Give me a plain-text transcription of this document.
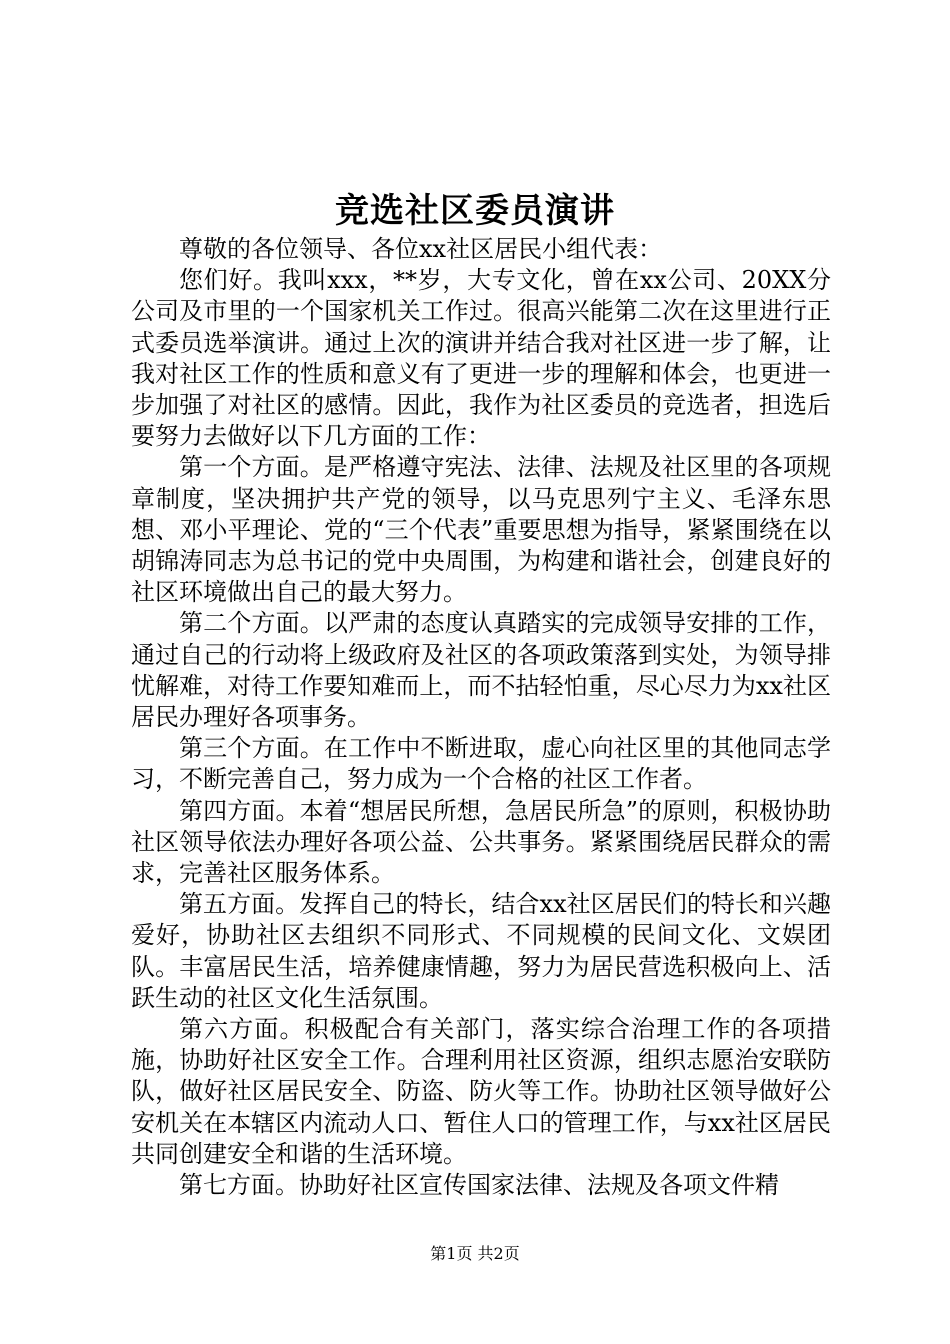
竞选社区委员演讲

尊敬的各位领导、各位xx社区居民小组代表：

您们好。我叫xxx，**岁，大专文化，曾在xx公司、20XX分公司及市里的一个国家机关工作过。很高兴能第二次在这里进行正式委员选举演讲。通过上次的演讲并结合我对社区进一步了解，让我对社区工作的性质和意义有了更进一步的理解和体会，也更进一步加强了对社区的感情。因此，我作为社区委员的竞选者，担选后要努力去做好以下几方面的工作：

第一个方面。是严格遵守宪法、法律、法规及社区里的各项规章制度，坚决拥护共产党的领导，以马克思列宁主义、毛泽东思想、邓小平理论、党的“三个代表”重要思想为指导，紧紧围绕在以胡锦涛同志为总书记的党中央周围，为构建和谐社会，创建良好的社区环境做出自己的最大努力。

第二个方面。以严肃的态度认真踏实的完成领导安排的工作，通过自己的行动将上级政府及社区的各项政策落到实处，为领导排忧解难，对待工作要知难而上，而不拈轻怕重，尽心尽力为xx社区居民办理好各项事务。

第三个方面。在工作中不断进取，虚心向社区里的其他同志学习，不断完善自己，努力成为一个合格的社区工作者。

第四方面。本着“想居民所想，急居民所急”的原则，积极协助社区领导依法办理好各项公益、公共事务。紧紧围绕居民群众的需求，完善社区服务体系。

第五方面。发挥自己的特长，结合xx社区居民们的特长和兴趣爱好，协助社区去组织不同形式、不同规模的民间文化、文娱团队。丰富居民生活，培养健康情趣，努力为居民营选积极向上、活跃生动的社区文化生活氛围。

第六方面。积极配合有关部门，落实综合治理工作的各项措施，协助好社区安全工作。合理利用社区资源，组织志愿治安联防队，做好社区居民安全、防盗、防火等工作。协助社区领导做好公安机关在本辖区内流动人口、暂住人口的管理工作，与xx社区居民共同创建安全和谐的生活环境。

第七方面。协助好社区宣传国家法律、法规及各项文件精

第1页 共2页
